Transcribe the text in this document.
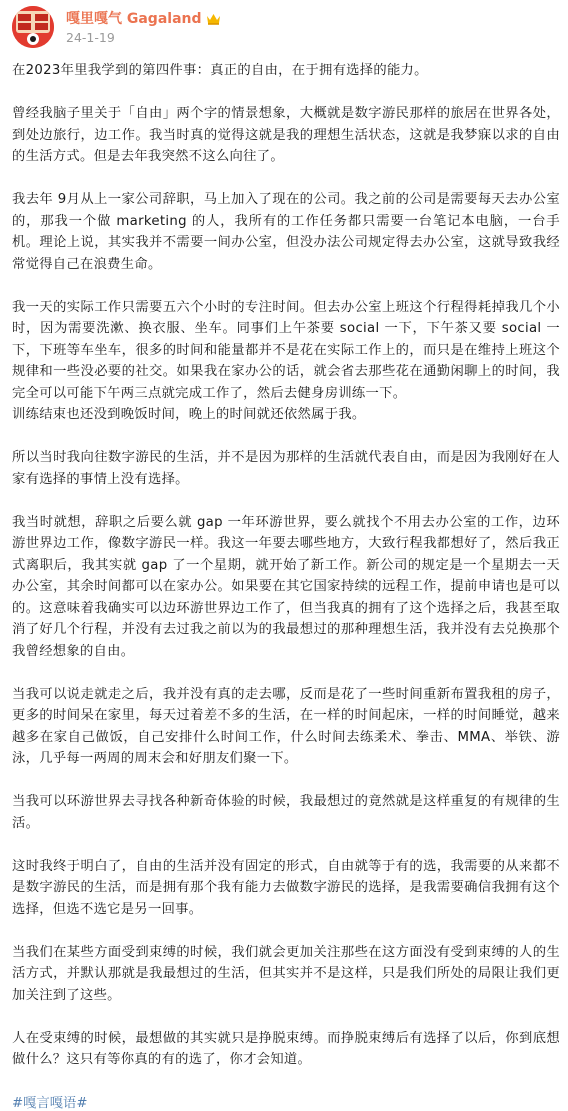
嘎里嘎气 Gagaland
24-1-19

在2023年里我学到的第四件事：真正的自由，在于拥有选择的能力。

曾经我脑子里关于「自由」两个字的情景想象，大概就是数字游民那样的旅居在世界各处，到处边旅行，边工作。我当时真的觉得这就是我的理想生活状态，这就是我梦寐以求的自由的生活方式。但是去年我突然不这么向往了。

我去年 9月从上一家公司辞职，马上加入了现在的公司。我之前的公司是需要每天去办公室的，那我一个做 marketing 的人，我所有的工作任务都只需要一台笔记本电脑，一台手机。理论上说，其实我并不需要一间办公室，但没办法公司规定得去办公室，这就导致我经常觉得自己在浪费生命。

我一天的实际工作只需要五六个小时的专注时间。但去办公室上班这个行程得耗掉我几个小时，因为需要洗漱、换衣服、坐车。同事们上午茶要 social 一下，下午茶又要 social 一下，下班等车坐车，很多的时间和能量都并不是花在实际工作上的，而只是在维持上班这个规律和一些没必要的社交。如果我在家办公的话，就会省去那些花在通勤闲聊上的时间，我完全可以可能下午两三点就完成工作了，然后去健身房训练一下。

训练结束也还没到晚饭时间，晚上的时间就还依然属于我。

所以当时我向往数字游民的生活，并不是因为那样的生活就代表自由，而是因为我刚好在人家有选择的事情上没有选择。

我当时就想，辞职之后要么就 gap 一年环游世界，要么就找个不用去办公室的工作，边环游世界边工作，像数字游民一样。我这一年要去哪些地方，大致行程我都想好了，然后我正式离职后，我其实就 gap 了一个星期，就开始了新工作。新公司的规定是一个星期去一天办公室，其余时间都可以在家办公。如果要在其它国家持续的远程工作，提前申请也是可以的。这意味着我确实可以边环游世界边工作了，但当我真的拥有了这个选择之后，我甚至取消了好几个行程，并没有去过我之前以为的我最想过的那种理想生活，我并没有去兑换那个我曾经想象的自由。

当我可以说走就走之后，我并没有真的走去哪，反而是花了一些时间重新布置我租的房子，更多的时间呆在家里，每天过着差不多的生活，在一样的时间起床，一样的时间睡觉，越来越多在家自己做饭，自己安排什么时间工作，什么时间去练柔术、拳击、MMA、举铁、游泳，几乎每一两周的周末会和好朋友们聚一下。

当我可以环游世界去寻找各种新奇体验的时候，我最想过的竟然就是这样重复的有规律的生活。

这时我终于明白了，自由的生活并没有固定的形式，自由就等于有的选，我需要的从来都不是数字游民的生活，而是拥有那个我有能力去做数字游民的选择，是我需要确信我拥有这个选择，但选不选它是另一回事。

当我们在某些方面受到束缚的时候，我们就会更加关注那些在这方面没有受到束缚的人的生活方式，并默认那就是我最想过的生活，但其实并不是这样，只是我们所处的局限让我们更加关注到了这些。

人在受束缚的时候，最想做的其实就只是挣脱束缚。而挣脱束缚后有选择了以后，你到底想做什么？这只有等你真的有的选了，你才会知道。

#嘎言嘎语#
